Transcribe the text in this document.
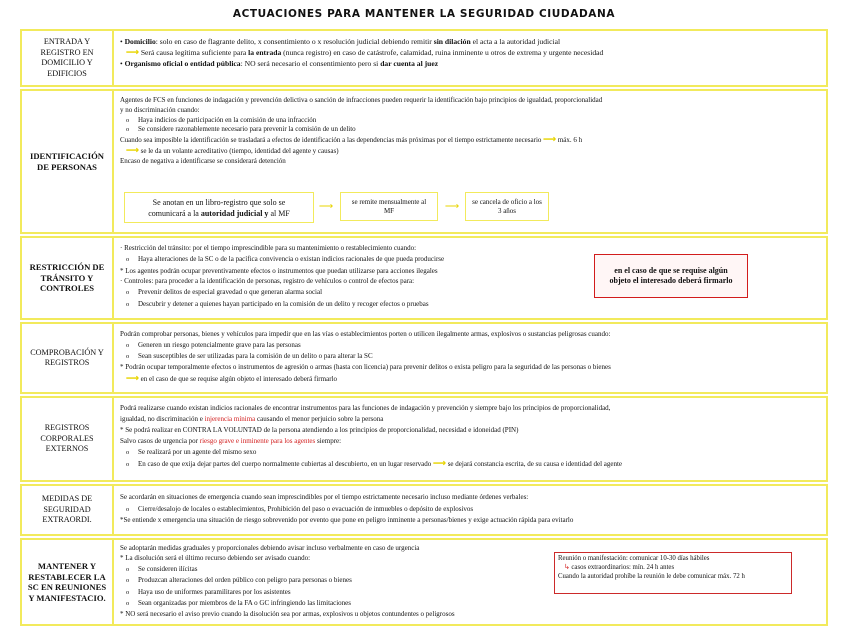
ACTUACIONES PARA MANTENER LA SEGURIDAD CIUDADANA
ENTRADA Y REGISTRO EN DOMICILIO Y EDIFICIOS
• Domicilio: solo en caso de flagrante delito, x consentimiento o x resolución judicial debiendo remitir sin dilación el acta a la autoridad judicial
⟶ Será causa legítima suficiente para la entrada (nunca registro) en caso de catástrofe, calamidad, ruina inminente u otros de extrema y urgente necesidad
• Organismo oficial o entidad pública: NO será necesario el consentimiento pero si dar cuenta al juez
IDENTIFICACIÓN DE PERSONAS
Agentes de FCS en funciones de indagación y prevención delictiva o sanción de infracciones pueden requerir la identificación bajo principios de igualdad, proporcionalidad
y no discriminación cuando:
o Haya indicios de participación en la comisión de una infracción
o Se considere razonablemente necesario para prevenir la comisión de un delito
Cuando sea imposible la identificación se trasladará a efectos de identificación a las dependencias más próximas por el tiempo estrictamente necesario ⟶ máx. 6 h
⟶ se le da un volante acreditativo (tiempo, identidad del agente y causas)
Encaso de negativa a identificarse se considerará detención
Se anotan en un libro-registro que solo se
comunicará a la autoridad judicial y al MF
⟶	se remite mensualmente al MF	⟶	se cancela de oficio a los 3 años
RESTRICCIÓN DE TRÁNSITO Y CONTROLES
· Restricción del tránsito: por el tiempo imprescindible para su mantenimiento o restablecimiento cuando:
o Haya alteraciones de la SC o de la pacífica convivencia o existan indicios racionales de que pueda producirse
* Los agentes podrán ocupar preventivamente efectos o instrumentos que puedan utilizarse para acciones ilegales
· Controles: para proceder a la identificación de personas, registro de vehículos o control de efectos para:
o Prevenir delitos de especial gravedad o que generan alarma social
o Descubrir y detener a quienes hayan participado en la comisión de un delito y recoger efectos o pruebas
en el caso de que se requise algún objeto el interesado deberá firmarlo
COMPROBACIÓN Y REGISTROS
Podrán comprobar personas, bienes y vehículos para impedir que en las vías o establecimientos porten o utilicen ilegalmente armas, explosivos o sustancias peligrosas cuando:
o Generen un riesgo potencialmente grave para las personas
o Sean susceptibles de ser utilizadas para la comisión de un delito o para alterar la SC
* Podrán ocupar temporalmente efectos o instrumentos de agresión o armas (hasta con licencia) para prevenir delitos o exista peligro para la seguridad de las personas o bienes
⟶ en el caso de que se requise algún objeto el interesado deberá firmarlo
REGISTROS CORPORALES EXTERNOS
Podrá realizarse cuando existan indicios racionales de encontrar instrumentos para las funciones de indagación y prevención y siempre bajo los principios de proporcionalidad,
igualdad, no discriminación e injerencia mínima causando el menor perjuicio sobre la persona
* Se podrá realizar en CONTRA LA VOLUNTAD de la persona atendiendo a los principios de proporcionalidad, necesidad e idoneidad (PIN)
Salvo casos de urgencia por riesgo grave e inminente para los agentes siempre:
o Se realizará por un agente del mismo sexo
o En caso de que exija dejar partes del cuerpo normalmente cubiertas al descubierto, en un lugar reservado ⟶ se dejará constancia escrita, de su causa e identidad del agente
MEDIDAS DE SEGURIDAD EXTRAORDI.
Se acordarán en situaciones de emergencia cuando sean imprescindibles por el tiempo estrictamente necesario incluso mediante órdenes verbales:
o Cierre/desalojo de locales o establecimientos, Prohibición del paso o evacuación de inmuebles o depósito de explosivos
*Se entiende x emergencia una situación de riesgo sobrevenido por evento que pone en peligro inminente a personas/bienes y exige actuación rápida para evitarlo
MANTENER Y RESTABLECER LA SC EN REUNIONES Y MANIFESTACIO.
Se adoptarán medidas graduales y proporcionales debiendo avisar incluso verbalmente en caso de urgencia
* La disolución será el último recurso debiendo ser avisado cuando:
o Se consideren ilícitas
o Produzcan alteraciones del orden público con peligro para personas o bienes
o Haya uso de uniformes paramilitares por los asistentes
o Sean organizadas por miembros de la FA o GC infringiendo las limitaciones
* NO será necesario el aviso previo cuando la disolución sea por armas, explosivos u objetos contundentes o peligrosos
Reunión o manifestación: comunicar 10-30 días hábiles
↳ casos extraordinarios: mín. 24 h antes
Cuando la autoridad prohíbe la reunión le debe comunicar máx. 72 h
